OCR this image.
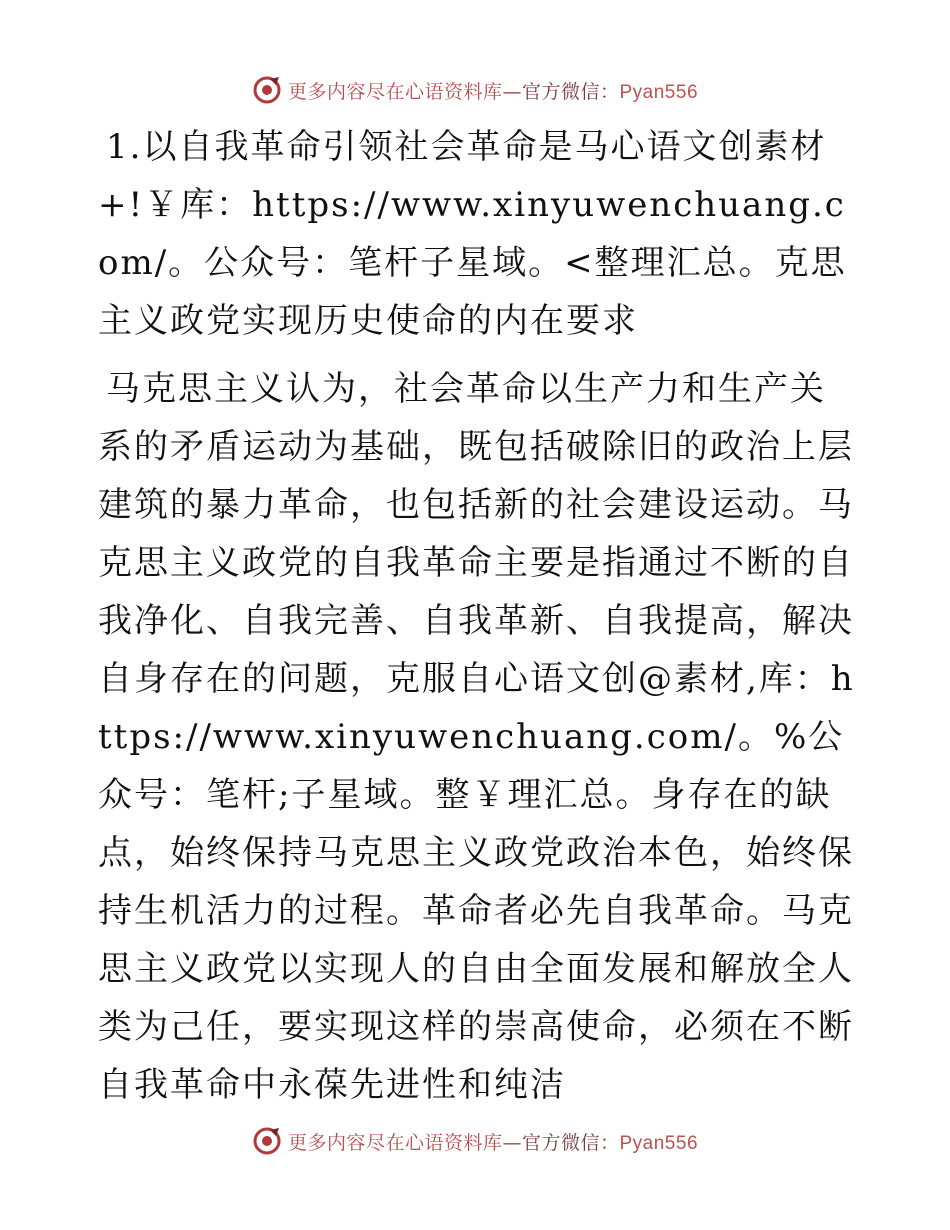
更多内容尽在心语资料库—官方微信：Pyan556

1.以自我革命引领社会革命是马心语文创素材+!￥库：https://www.xinyuwenchuang.com/。公众号：笔杆子星域。<整理汇总。克思主义政党实现历史使命的内在要求

马克思主义认为，社会革命以生产力和生产关系的矛盾运动为基础，既包括破除旧的政治上层建筑的暴力革命，也包括新的社会建设运动。马克思主义政党的自我革命主要是指通过不断的自我净化、自我完善、自我革新、自我提高，解决自身存在的问题，克服自心语文创@素材,库：https://www.xinyuwenchuang.com/。%公众号：笔杆;子星域。整￥理汇总。身存在的缺点，始终保持马克思主义政党政治本色，始终保持生机活力的过程。革命者必先自我革命。马克思主义政党以实现人的自由全面发展和解放全人类为己任，要实现这样的崇高使命，必须在不断自我革命中永葆先进性和纯洁

更多内容尽在心语资料库—官方微信：Pyan556
